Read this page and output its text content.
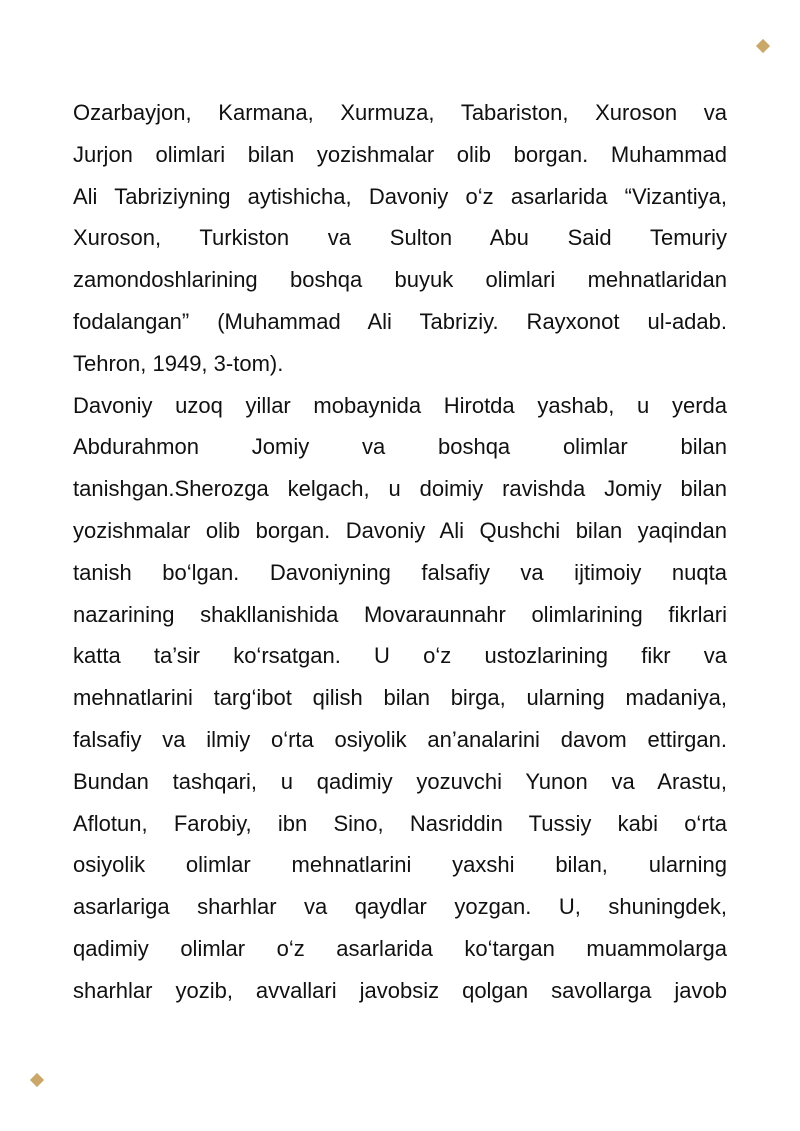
Ozarbayjon, Karmana, Xurmuza, Tabariston, Xuroson va
Jurjon olimlari bilan yozishmalar olib borgan. Muhammad
Ali Tabriziyning aytishicha, Davoniy o‘z asarlarida “Vizantiya,
Xuroson, Turkiston va Sulton Abu Said Temuriy
zamondoshlarining boshqa buyuk olimlari mehnatlaridan
fodalangan” (Muhammad Ali Tabriziy. Rayxonot ul-adab.
Tehron, 1949, 3-tom).
Davoniy uzoq yillar mobaynida Hirotda yashab, u yerda
Abdurahmon Jomiy va boshqa olimlar bilan
tanishgan.Sherozga kelgach, u doimiy ravishda Jomiy bilan
yozishmalar olib borgan. Davoniy Ali Qushchi bilan yaqindan
tanish bo‘lgan. Davoniyning falsafiy va ijtimoiy nuqta
nazarining shakllanishida Movaraunnahr olimlarining fikrlari
katta ta’sir ko‘rsatgan. U o‘z ustozlarining fikr va
mehnatlarini targ‘ibot qilish bilan birga, ularning madaniya,
falsafiy va ilmiy o‘rta osiyolik an’analarini davom ettirgan.
Bundan tashqari, u qadimiy yozuvchi Yunon va Arastu,
Aflotun, Farobiy, ibn Sino, Nasriddin Tussiy kabi o‘rta
osiyolik olimlar mehnatlarini yaxshi bilan, ularning
asarlariga sharhlar va qaydlar yozgan. U, shuningdek,
qadimiy olimlar o‘z asarlarida ko‘targan muammolarga
sharhlar yozib, avvallari javobsiz qolgan savollarga javob
